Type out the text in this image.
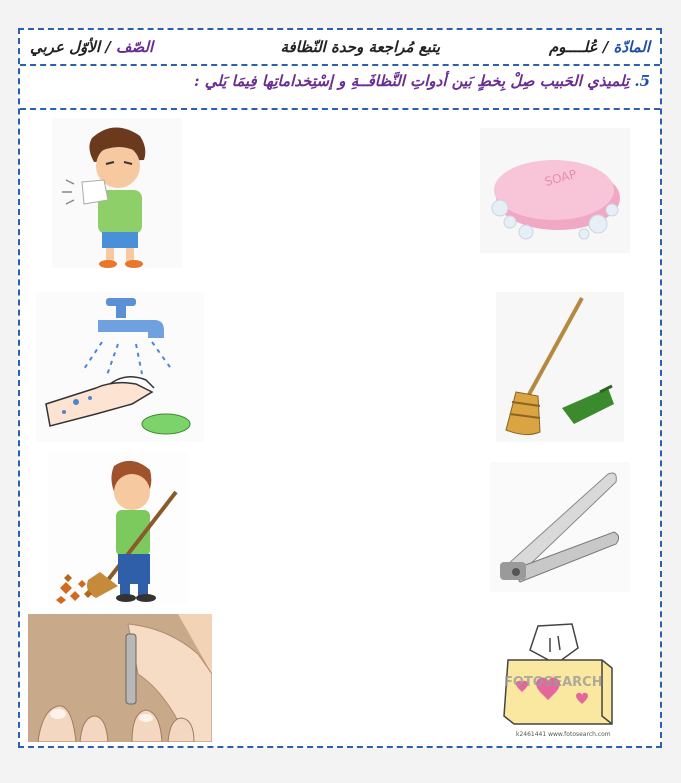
المادّة / عُلــــوم
يتبع مُراجعة وحدة النّظافة
الصّف / الأوّل عربي
5. تِلميذي الحَبيب صِلْ بِخطٍ بَين أدواتِ النَّظافَــةِ و إسْتِخداماتِها فِيمَا يَلي :
SOAP
FOTOSEARCH
k2461441 www.fotosearch.com
